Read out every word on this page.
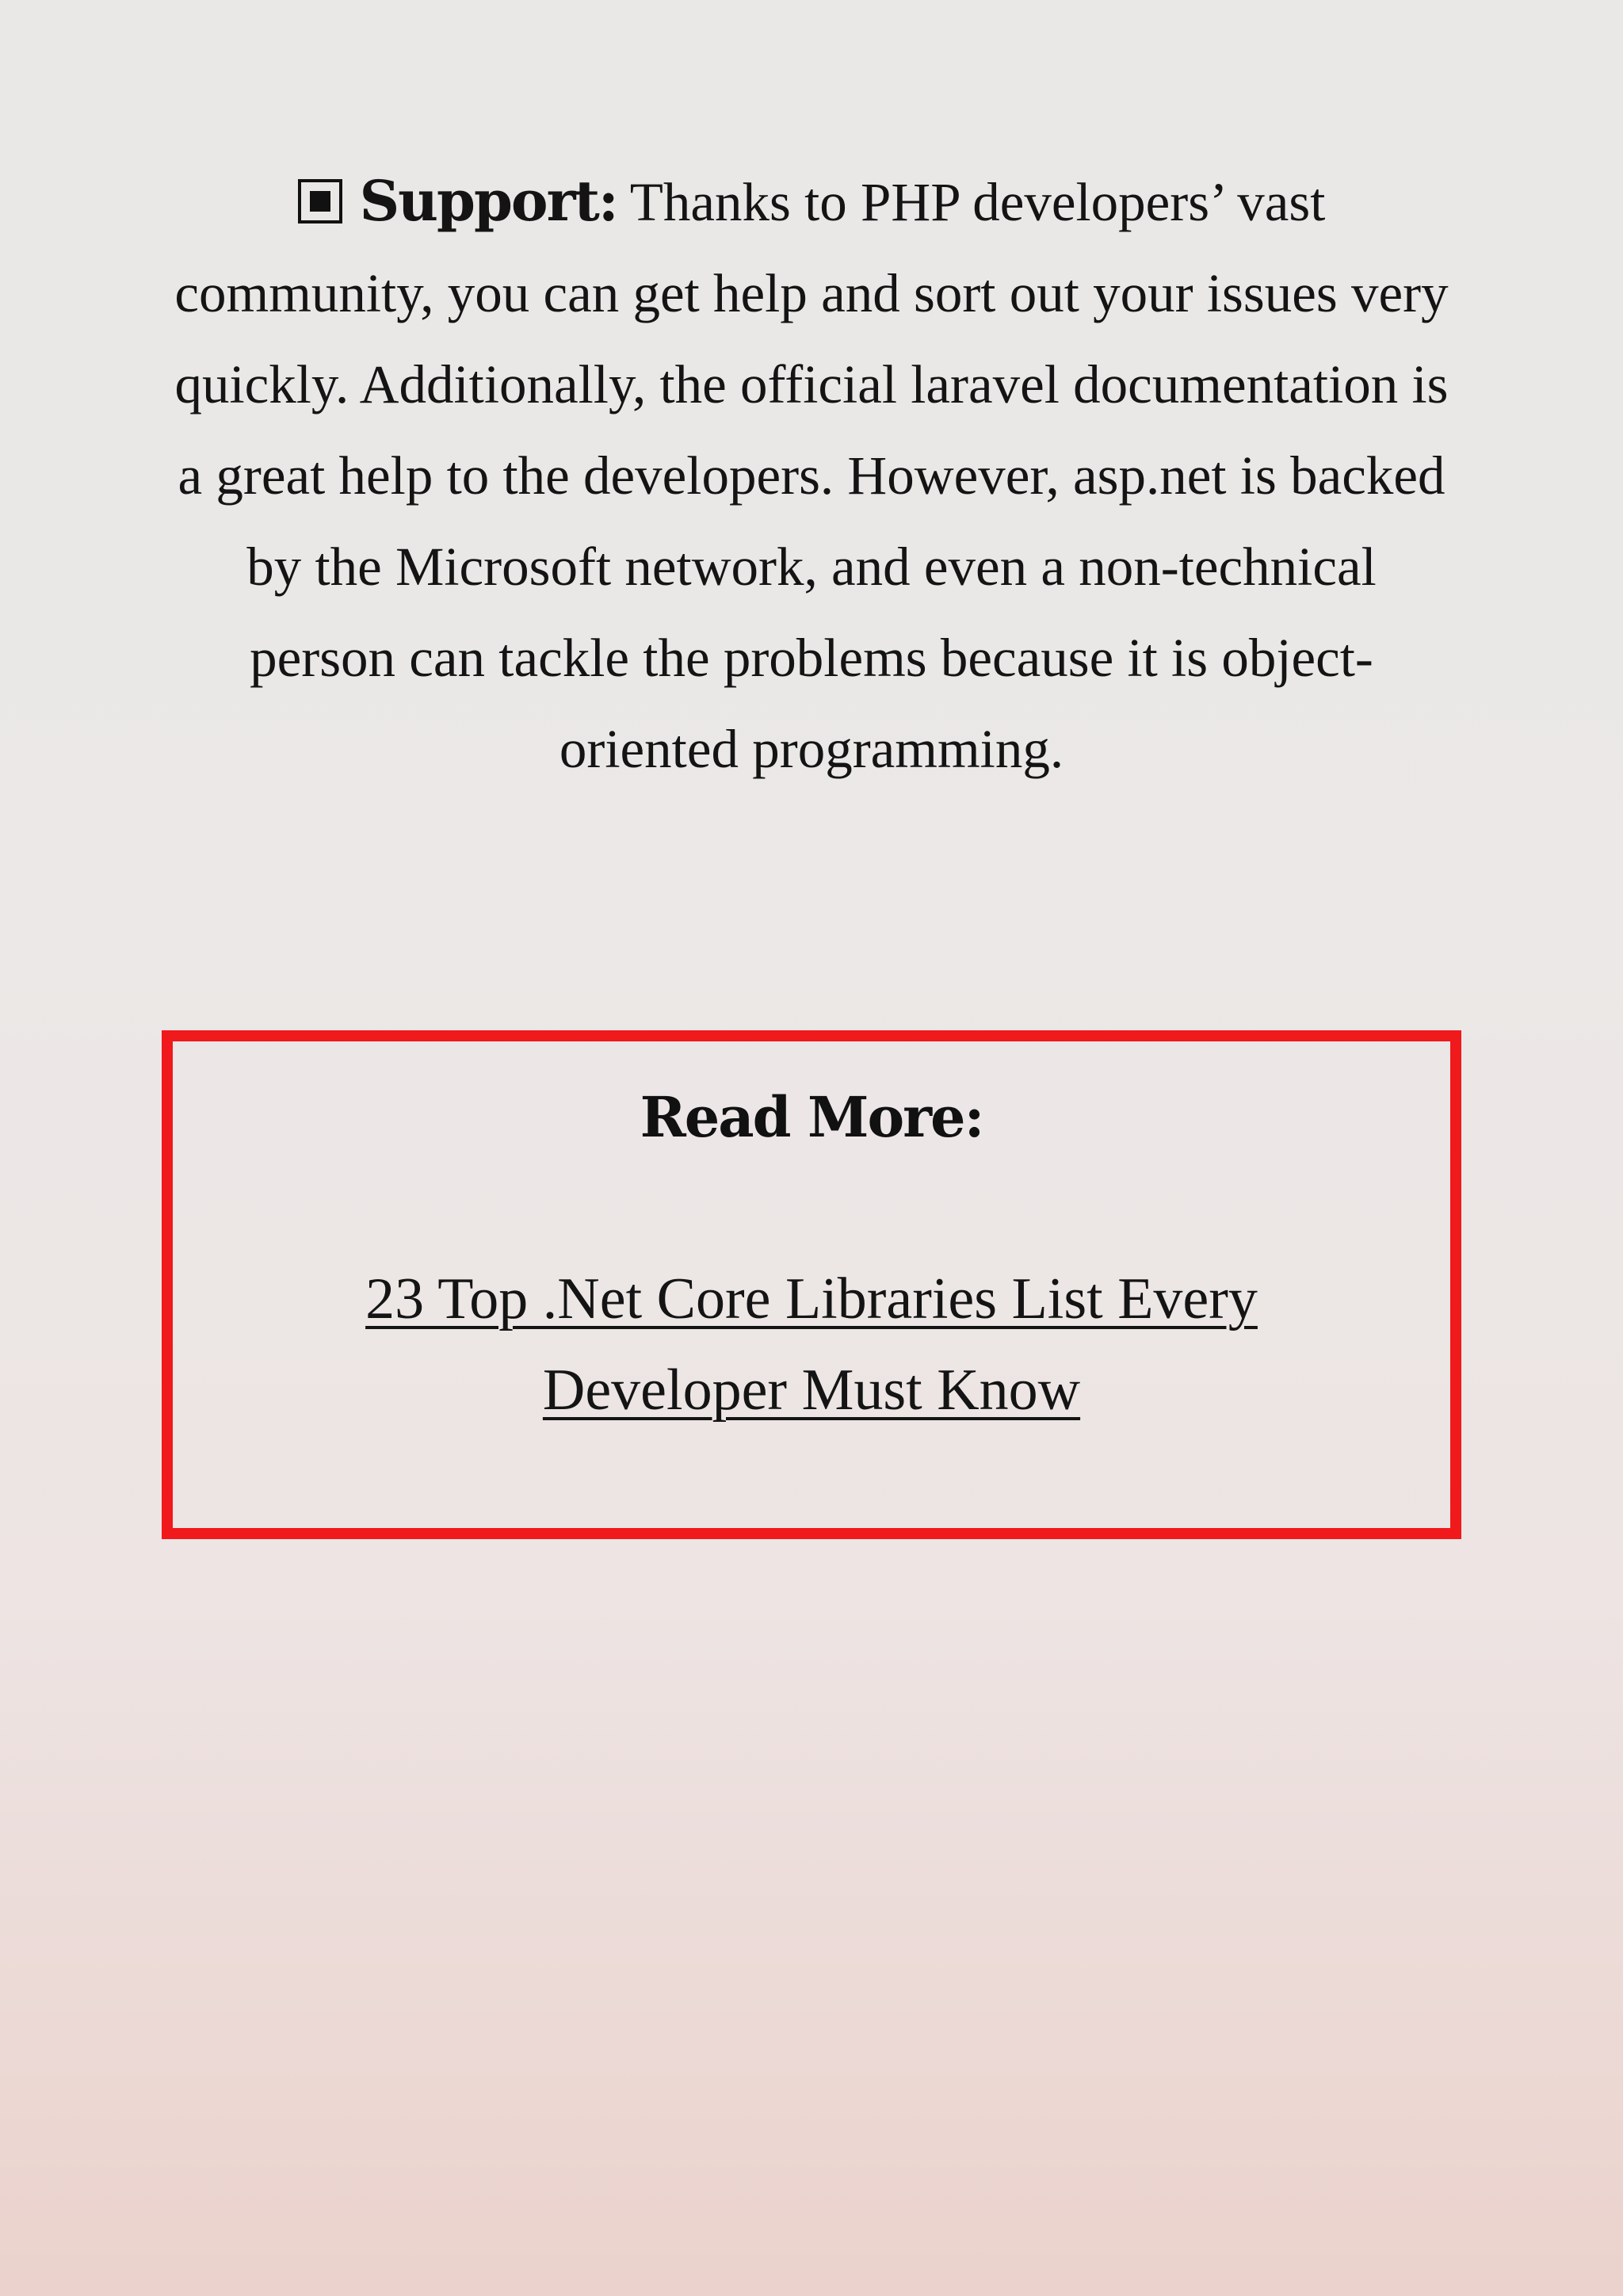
Support: Thanks to PHP developers’ vast community, you can get help and sort out your issues very quickly. Additionally, the official laravel documentation is a great help to the developers. However, asp.net is backed by the Microsoft network, and even a non-technical person can tackle the problems because it is object-oriented programming.

Read More:
23 Top .Net Core Libraries List Every Developer Must Know
